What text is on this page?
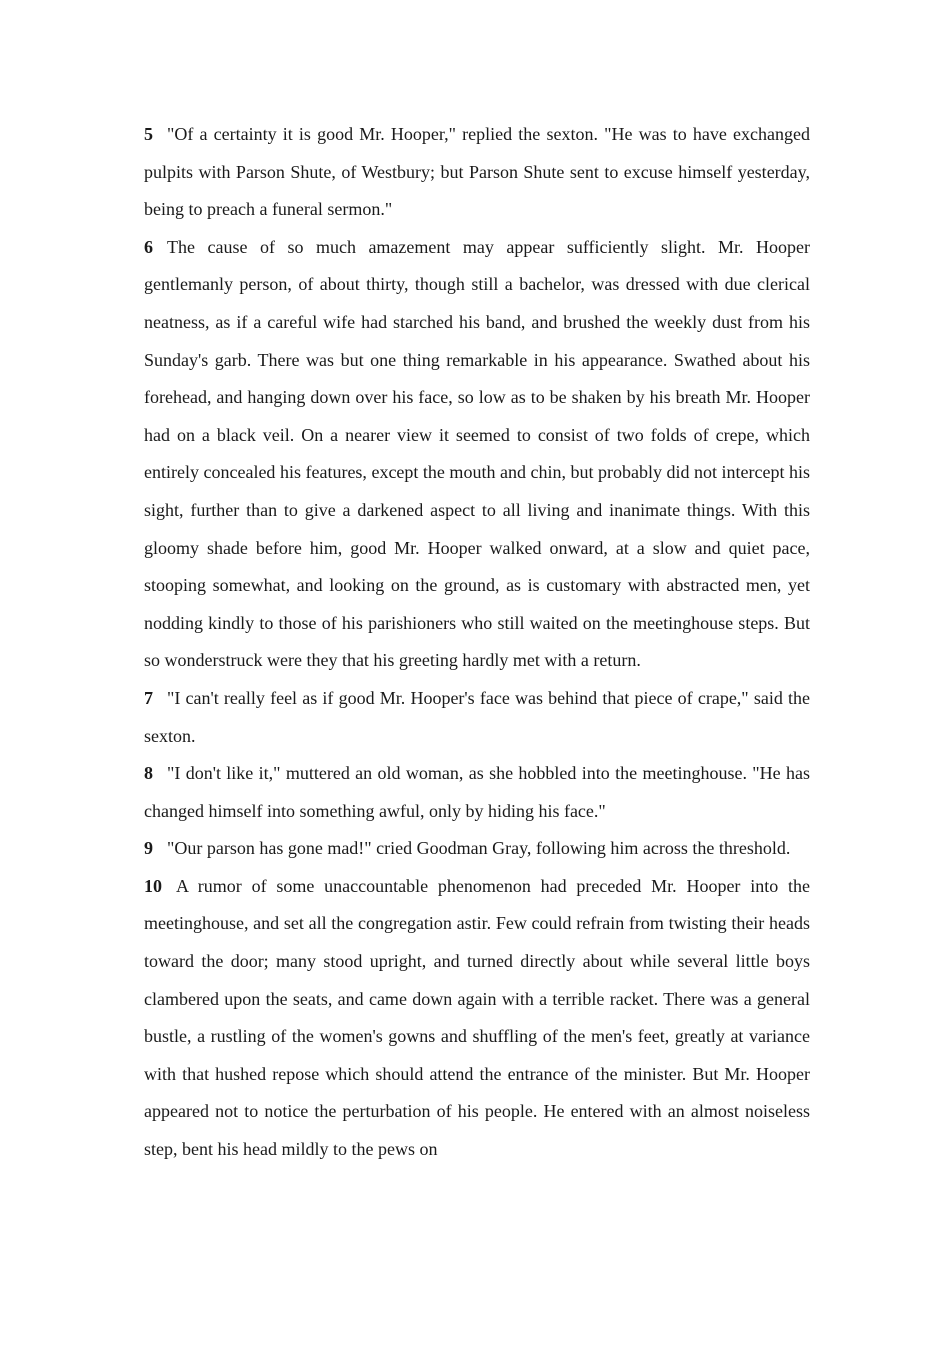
5 "Of a certainty it is good Mr. Hooper," replied the sexton. "He was to have exchanged pulpits with Parson Shute, of Westbury; but Parson Shute sent to excuse himself yesterday, being to preach a funeral sermon."

6 The cause of so much amazement may appear sufficiently slight. Mr. Hooper gentlemanly person, of about thirty, though still a bachelor, was dressed with due clerical neatness, as if a careful wife had starched his band, and brushed the weekly dust from his Sunday's garb. There was but one thing remarkable in his appearance. Swathed about his forehead, and hanging down over his face, so low as to be shaken by his breath Mr. Hooper had on a black veil. On a nearer view it seemed to consist of two folds of crepe, which entirely concealed his features, except the mouth and chin, but probably did not intercept his sight, further than to give a darkened aspect to all living and inanimate things. With this gloomy shade before him, good Mr. Hooper walked onward, at a slow and quiet pace, stooping somewhat, and looking on the ground, as is customary with abstracted men, yet nodding kindly to those of his parishioners who still waited on the meetinghouse steps. But so wonderstruck were they that his greeting hardly met with a return.

7 "I can't really feel as if good Mr. Hooper's face was behind that piece of crape," said the sexton.

8 "I don't like it," muttered an old woman, as she hobbled into the meetinghouse. "He has changed himself into something awful, only by hiding his face."

9 "Our parson has gone mad!" cried Goodman Gray, following him across the threshold.

10 A rumor of some unaccountable phenomenon had preceded Mr. Hooper into the meetinghouse, and set all the congregation astir. Few could refrain from twisting their heads toward the door; many stood upright, and turned directly about while several little boys clambered upon the seats, and came down again with a terrible racket. There was a general bustle, a rustling of the women's gowns and shuffling of the men's feet, greatly at variance with that hushed repose which should attend the entrance of the minister. But Mr. Hooper appeared not to notice the perturbation of his people. He entered with an almost noiseless step, bent his head mildly to the pews on
